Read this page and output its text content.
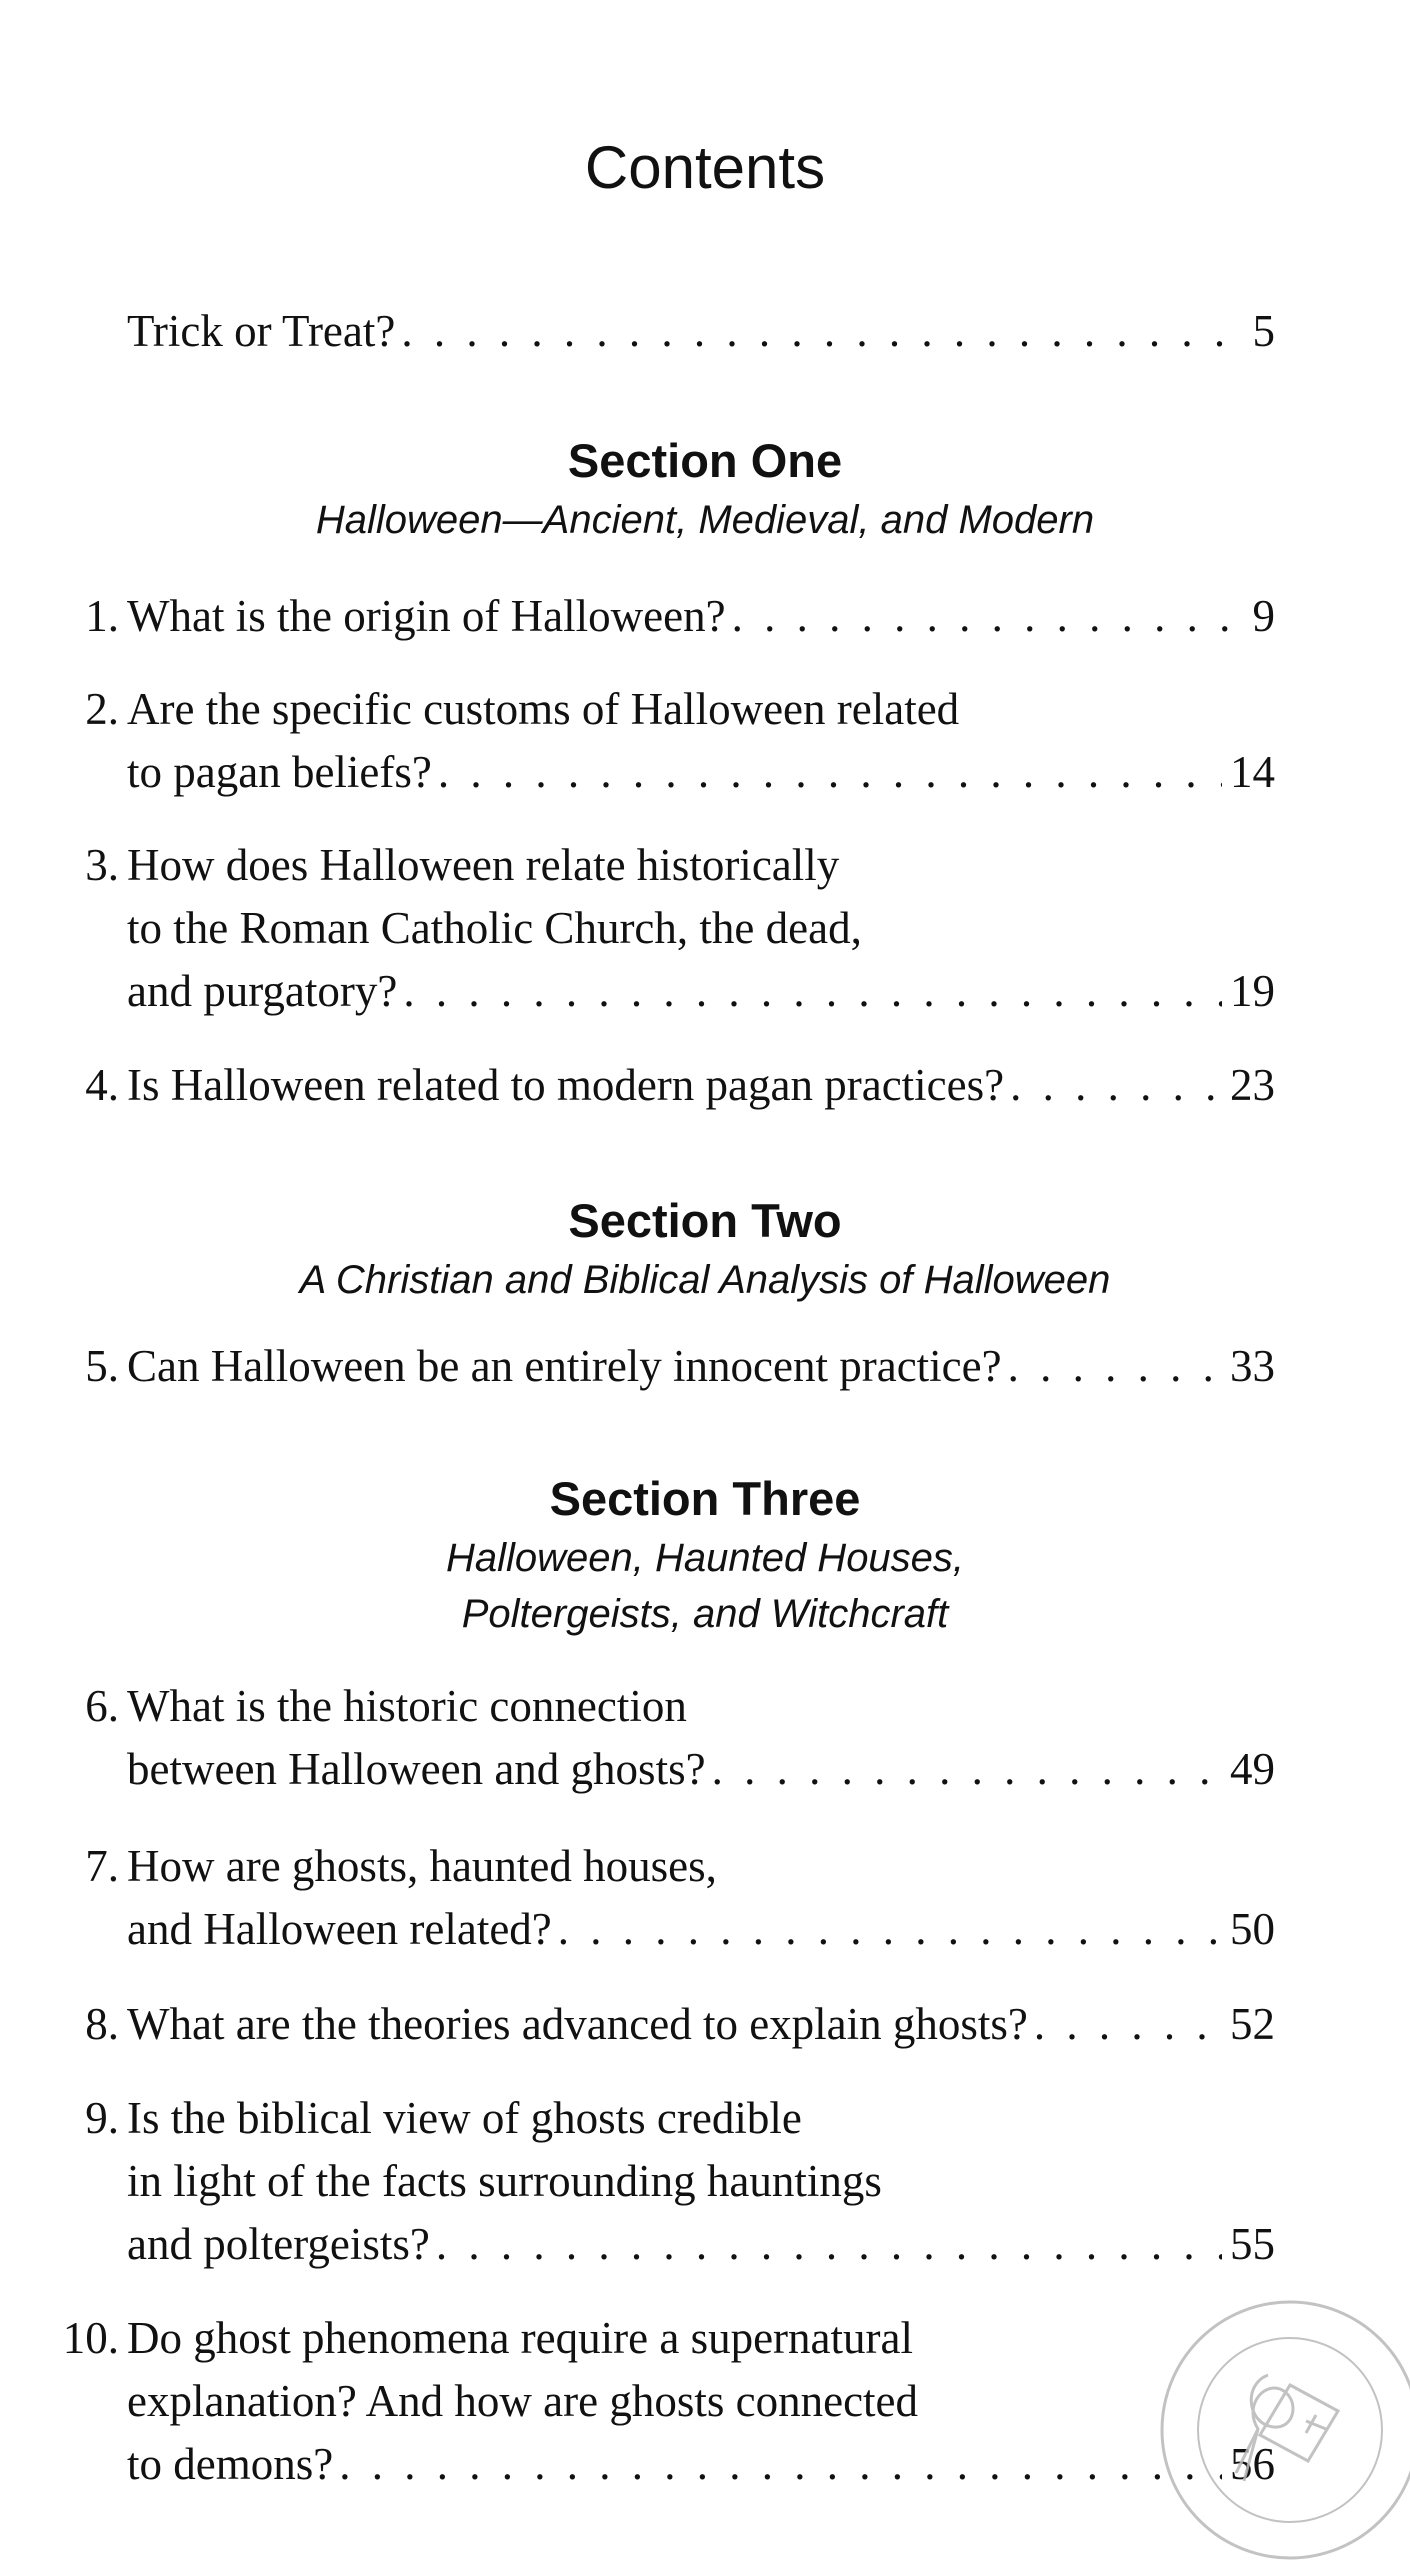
Contents
Trick or Treat? . . .	5
Section One
Halloween—Ancient, Medieval, and Modern
1. What is the origin of Halloween? . . .	9
2. Are the specific customs of Halloween related
to pagan beliefs? . . .	14
3. How does Halloween relate historically
to the Roman Catholic Church, the dead,
and purgatory? . . .	19
4. Is Halloween related to modern pagan practices? . . .	23
Section Two
A Christian and Biblical Analysis of Halloween
5. Can Halloween be an entirely innocent practice? . . .	33
Section Three
Halloween, Haunted Houses,
Poltergeists, and Witchcraft
6. What is the historic connection
between Halloween and ghosts? . . .	49
7. How are ghosts, haunted houses,
and Halloween related? . . .	50
8. What are the theories advanced to explain ghosts? . . .	52
9. Is the biblical view of ghosts credible
in light of the facts surrounding hauntings
and poltergeists? . . .	55
10. Do ghost phenomena require a supernatural
explanation? And how are ghosts connected
to demons? . . .	56
